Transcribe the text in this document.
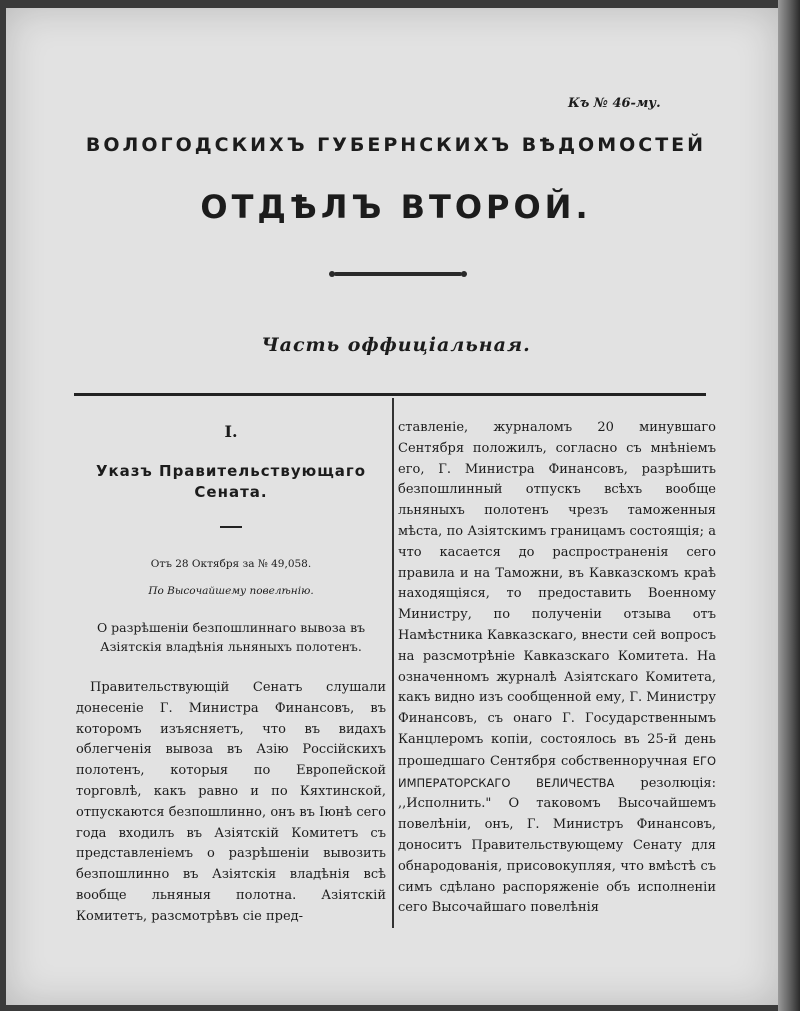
Къ № 46-му.
ВОЛОГОДСКИХЪ ГУБЕРНСКИХЪ ВѢДОМОСТЕЙ
ОТДѢЛЪ ВТОРОЙ.
Часть оффиціальная.
I.
Указъ Правительствующаго Сената.
Отъ 28 Октября за № 49,058.
По Высочайшему повелѣнію.
О разрѣшеніи безпошлиннаго вывоза въ Азіятскія владѣнія льняныхъ полотенъ.
Правительствующій Сенатъ слушали донесеніе Г. Министра Финансовъ, въ которомъ изъясняетъ, что въ видахъ облегченія вывоза въ Азію Россійскихъ полотенъ, которыя по Европейской торговлѣ, какъ равно и по Кяхтинской, отпускаются безпошлинно, онъ въ Іюнѣ сего года входилъ въ Азіятскій Комитетъ съ представленіемъ о разрѣшеніи вывозить безпошлинно въ Азіятскія владѣнія всѣ вообще льняныя полотна. Азіятскій Комитетъ, разсмотрѣвъ сіе пред-
ставленіе, журналомъ 20 минувшаго Сентября положилъ, согласно съ мнѣніемъ его, Г. Министра Финансовъ, разрѣшить безпошлинный отпускъ всѣхъ вообще льняныхъ полотенъ чрезъ таможенныя мѣста, по Азіятскимъ границамъ состоящія; а что касается до распространенія сего правила и на Таможни, въ Кавказскомъ краѣ находящіяся, то предоставить Военному Министру, по полученіи отзыва отъ Намѣстника Кавказскаго, внести сей вопросъ на разсмотрѣніе Кавказскаго Комитета. На означенномъ журналѣ Азіятскаго Комитета, какъ видно изъ сообщенной ему, Г. Министру Финансовъ, съ онаго Г. Государственнымъ Канцлеромъ копіи, состоялось въ 25-й день прошедшаго Сентября собственноручная ЕГО ИМПЕРАТОРСКАГО ВЕЛИЧЕСТВА резолюція: ,,Исполнить." О таковомъ Высочайшемъ повелѣніи, онъ, Г. Министръ Финансовъ, доноситъ Правительствующему Сенату для обнародованія, присовокупляя, что вмѣстѣ съ симъ сдѣлано распоряженіе объ исполненіи сего Высочайшаго повелѣнія
